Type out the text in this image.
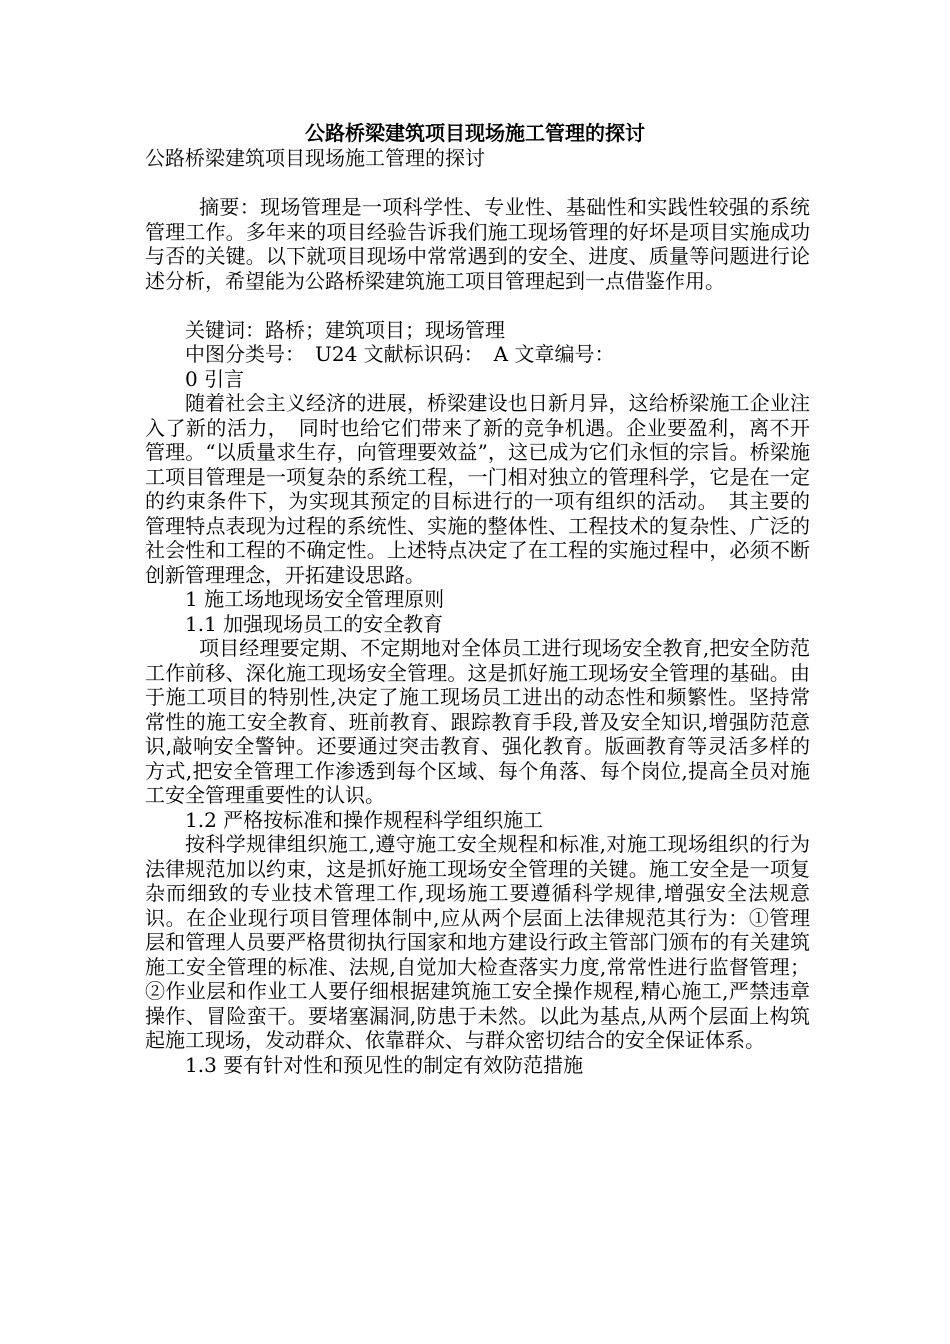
公路桥梁建筑项目现场施工管理的探讨

公路桥梁建筑项目现场施工管理的探讨

摘要：现场管理是一项科学性、专业性、基础性和实践性较强的系统管理工作。多年来的项目经验告诉我们施工现场管理的好坏是项目实施成功与否的关键。以下就项目现场中常常遇到的安全、进度、质量等问题进行论述分析，希望能为公路桥梁建筑施工项目管理起到一点借鉴作用。

关键词：路桥；建筑项目；现场管理

中图分类号：　U24 文献标识码：　A 文章编号：

0 引言

随着社会主义经济的进展，桥梁建设也日新月异，这给桥梁施工企业注入了新的活力，　同时也给它们带来了新的竞争机遇。企业要盈利，离不开管理。“以质量求生存，向管理要效益”，这已成为它们永恒的宗旨。桥梁施工项目管理是一项复杂的系统工程，一门相对独立的管理科学，它是在一定的约束条件下，为实现其预定的目标进行的一项有组织的活动。　其主要的管理特点表现为过程的系统性、实施的整体性、工程技术的复杂性、广泛的社会性和工程的不确定性。上述特点决定了在工程的实施过程中，必须不断创新管理理念，开拓建设思路。

1 施工场地现场安全管理原则

1.1 加强现场员工的安全教育

项目经理要定期、不定期地对全体员工进行现场安全教育,把安全防范工作前移、深化施工现场安全管理。这是抓好施工现场安全管理的基础。由于施工项目的特别性,决定了施工现场员工进出的动态性和频繁性。坚持常常性的施工安全教育、班前教育、跟踪教育手段,普及安全知识,增强防范意识,敲响安全警钟。还要通过突击教育、强化教育。版画教育等灵活多样的方式,把安全管理工作渗透到每个区域、每个角落、每个岗位,提高全员对施工安全管理重要性的认识。

1.2 严格按标准和操作规程科学组织施工

按科学规律组织施工,遵守施工安全规程和标准,对施工现场组织的行为法律规范加以约束，这是抓好施工现场安全管理的关键。施工安全是一项复杂而细致的专业技术管理工作,现场施工要遵循科学规律,增强安全法规意识。在企业现行项目管理体制中,应从两个层面上法律规范其行为：①管理层和管理人员要严格贯彻执行国家和地方建设行政主管部门颁布的有关建筑施工安全管理的标准、法规,自觉加大检查落实力度,常常性进行监督管理；②作业层和作业工人要仔细根据建筑施工安全操作规程,精心施工,严禁违章操作、冒险蛮干。要堵塞漏洞,防患于未然。以此为基点,从两个层面上构筑起施工现场，发动群众、依靠群众、与群众密切结合的安全保证体系。

1.3 要有针对性和预见性的制定有效防范措施
